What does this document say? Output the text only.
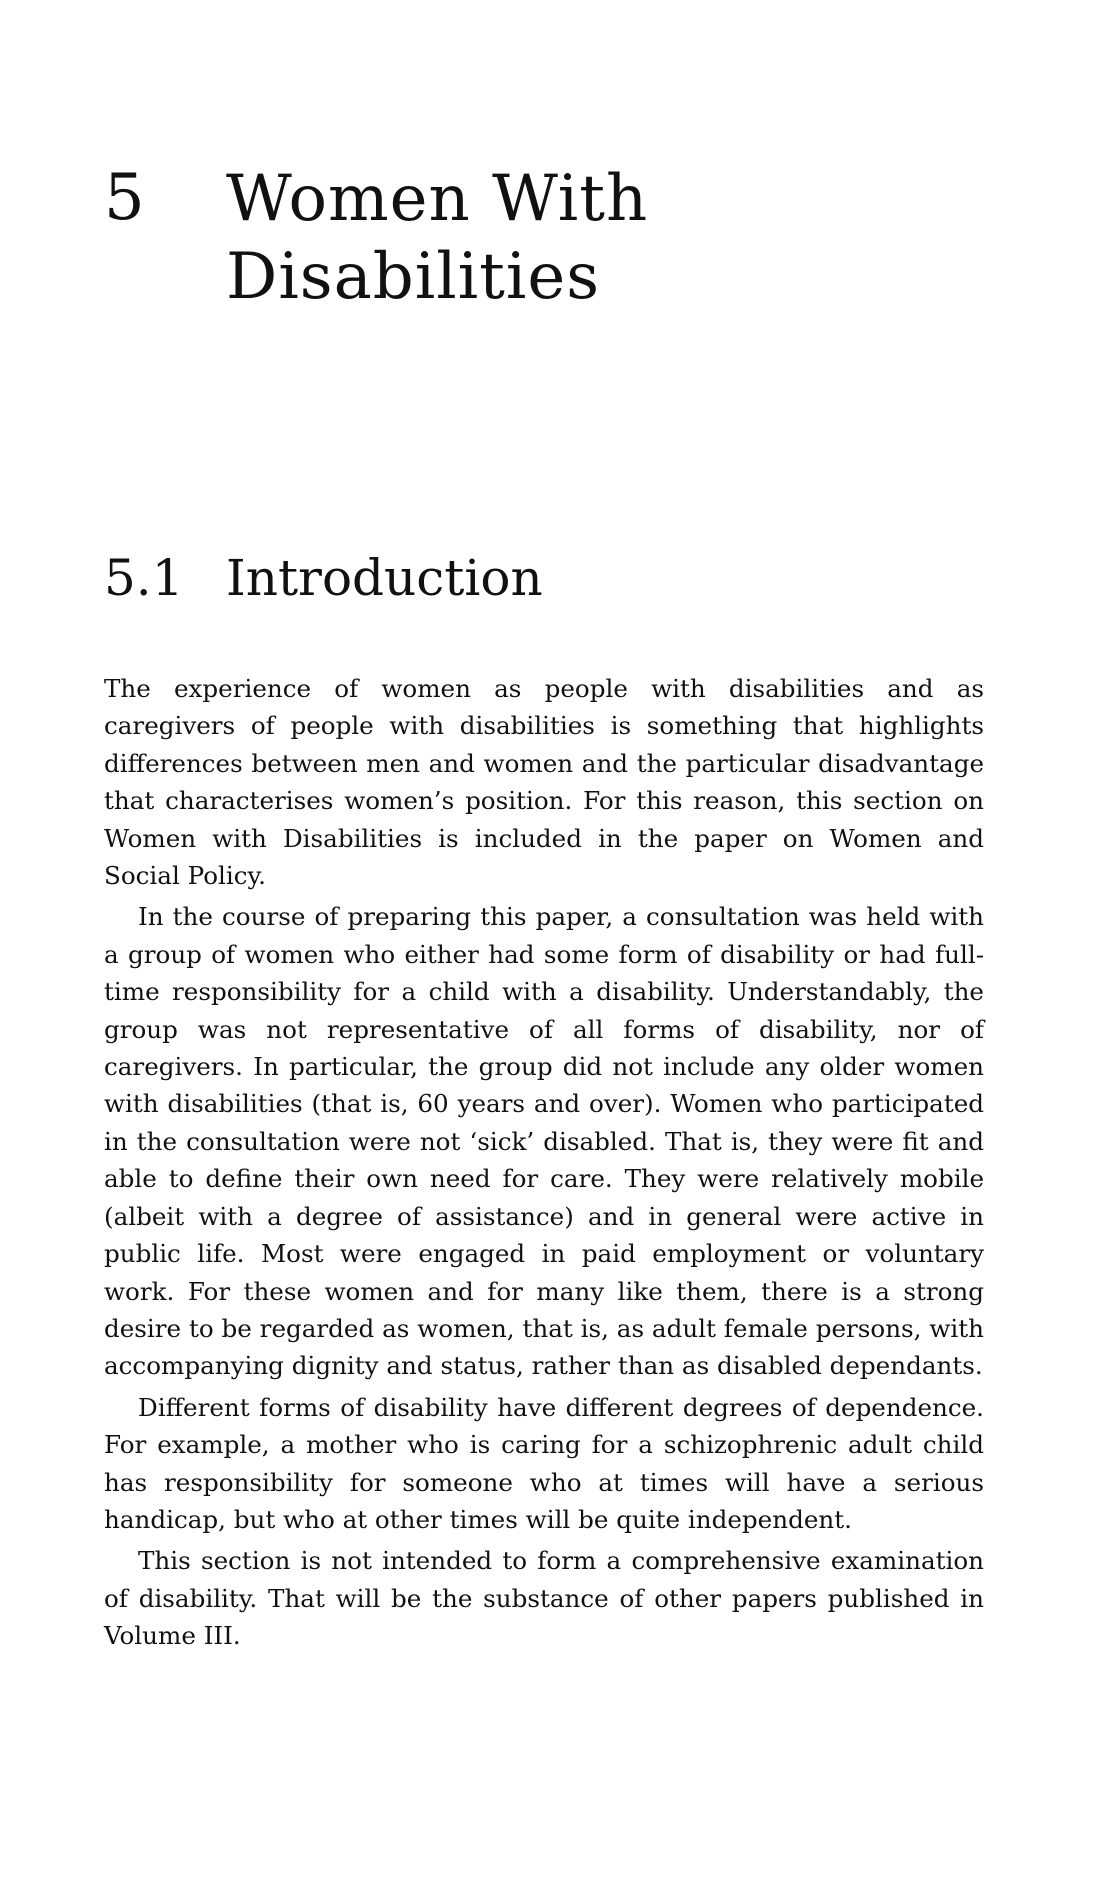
5	Women With
Disabilities
5.1 Introduction

The experience of women as people with disabilities and as caregivers of people with disabilities is something that highlights differences between men and women and the particular disadvantage that characterises women’s position. For this reason, this section on Women with Disabilities is included in the paper on Women and Social Policy.

In the course of preparing this paper, a consultation was held with a group of women who either had some form of disability or had full-time responsibility for a child with a disability. Understandably, the group was not representative of all forms of disability, nor of caregivers. In particular, the group did not include any older women with disabilities (that is, 60 years and over). Women who participated in the consultation were not ‘sick’ disabled. That is, they were fit and able to define their own need for care. They were relatively mobile (albeit with a degree of assistance) and in general were active in public life. Most were engaged in paid employment or voluntary work. For these women and for many like them, there is a strong desire to be regarded as women, that is, as adult female persons, with accompanying dignity and status, rather than as disabled dependants.

Different forms of disability have different degrees of dependence. For example, a mother who is caring for a schizophrenic adult child has responsibility for someone who at times will have a serious handicap, but who at other times will be quite independent.

This section is not intended to form a comprehensive examination of disability. That will be the substance of other papers published in Volume III.
